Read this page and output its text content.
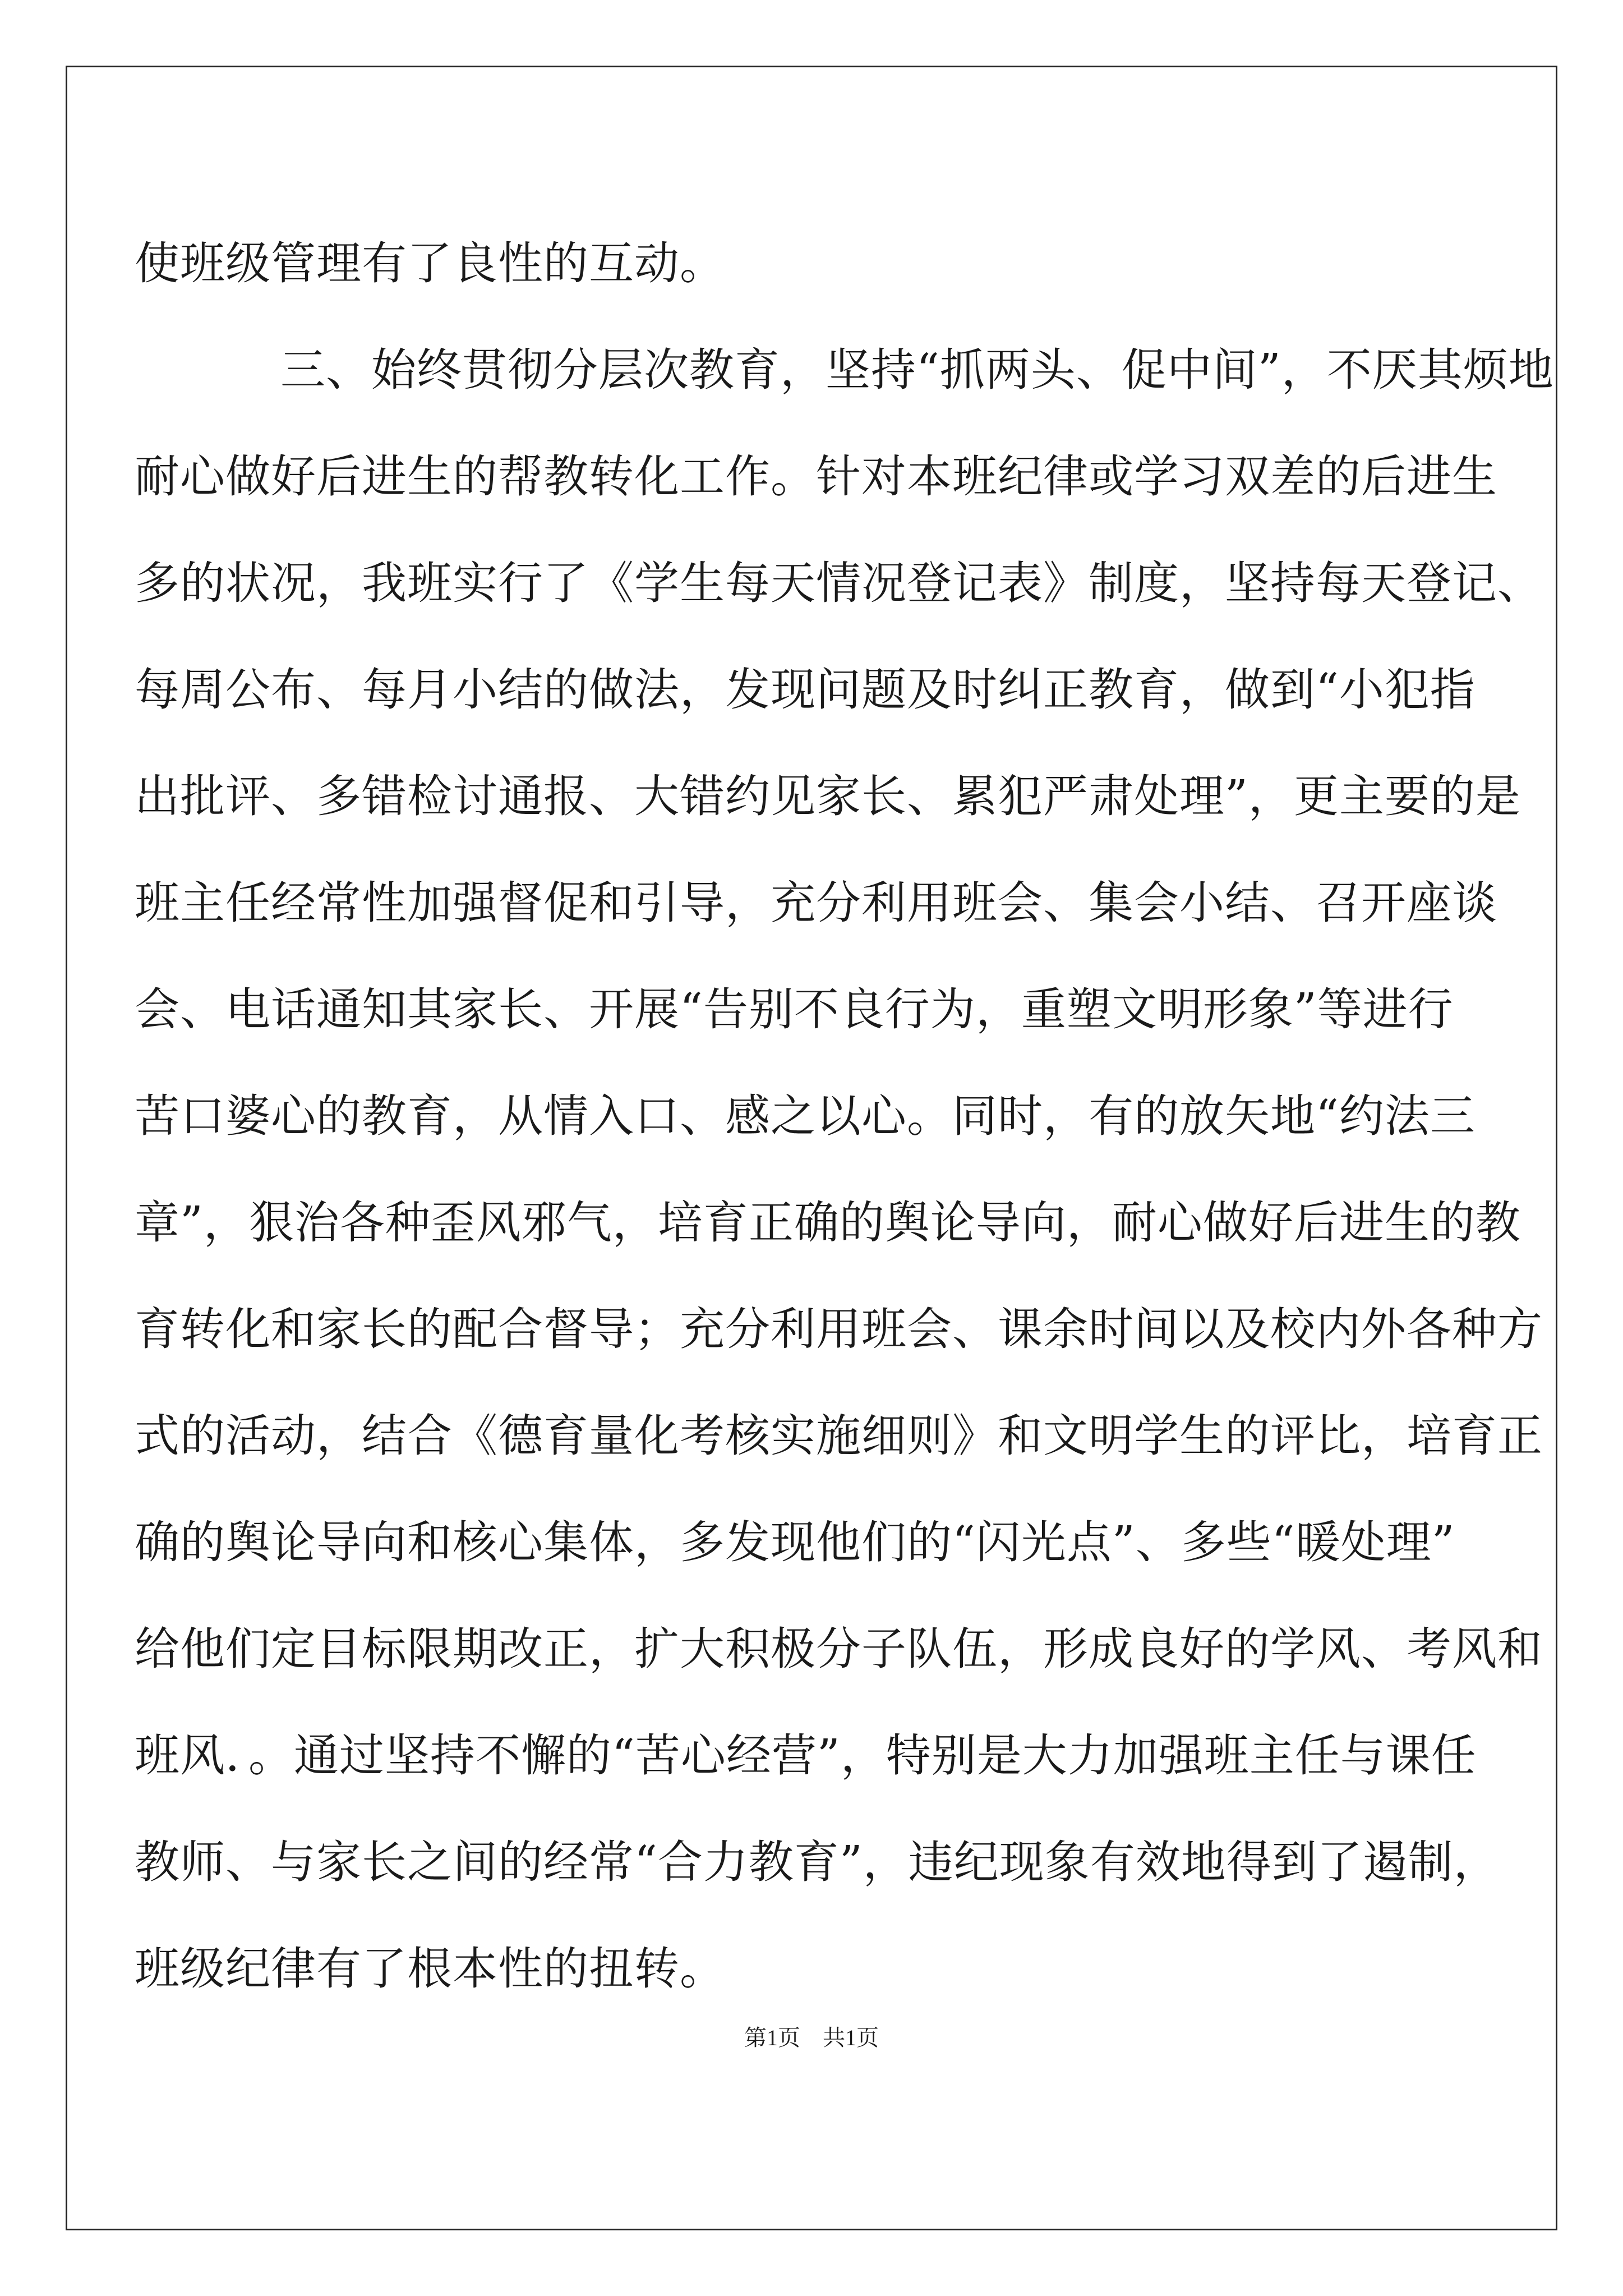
使班级管理有了良性的互动。
三、始终贯彻分层次教育，坚持“抓两头、促中间”，不厌其烦地
耐心做好后进生的帮教转化工作。针对本班纪律或学习双差的后进生
多的状况，我班实行了《学生每天情况登记表》制度，坚持每天登记、
每周公布、每月小结的做法，发现问题及时纠正教育，做到“小犯指
出批评、多错检讨通报、大错约见家长、累犯严肃处理”，更主要的是
班主任经常性加强督促和引导，充分利用班会、集会小结、召开座谈
会、电话通知其家长、开展“告别不良行为，重塑文明形象”等进行
苦口婆心的教育，从情入口、感之以心。同时，有的放矢地“约法三
章”，狠治各种歪风邪气，培育正确的舆论导向，耐心做好后进生的教
育转化和家长的配合督导；充分利用班会、课余时间以及校内外各种方
式的活动，结合《德育量化考核实施细则》和文明学生的评比，培育正
确的舆论导向和核心集体，多发现他们的“闪光点”、多些“暖处理”
给他们定目标限期改正，扩大积极分子队伍，形成良好的学风、考风和
班风．。通过坚持不懈的“苦心经营”，特别是大力加强班主任与课任
教师、与家长之间的经常“合力教育”，违纪现象有效地得到了遏制，
班级纪律有了根本性的扭转。
第1页　共1页
